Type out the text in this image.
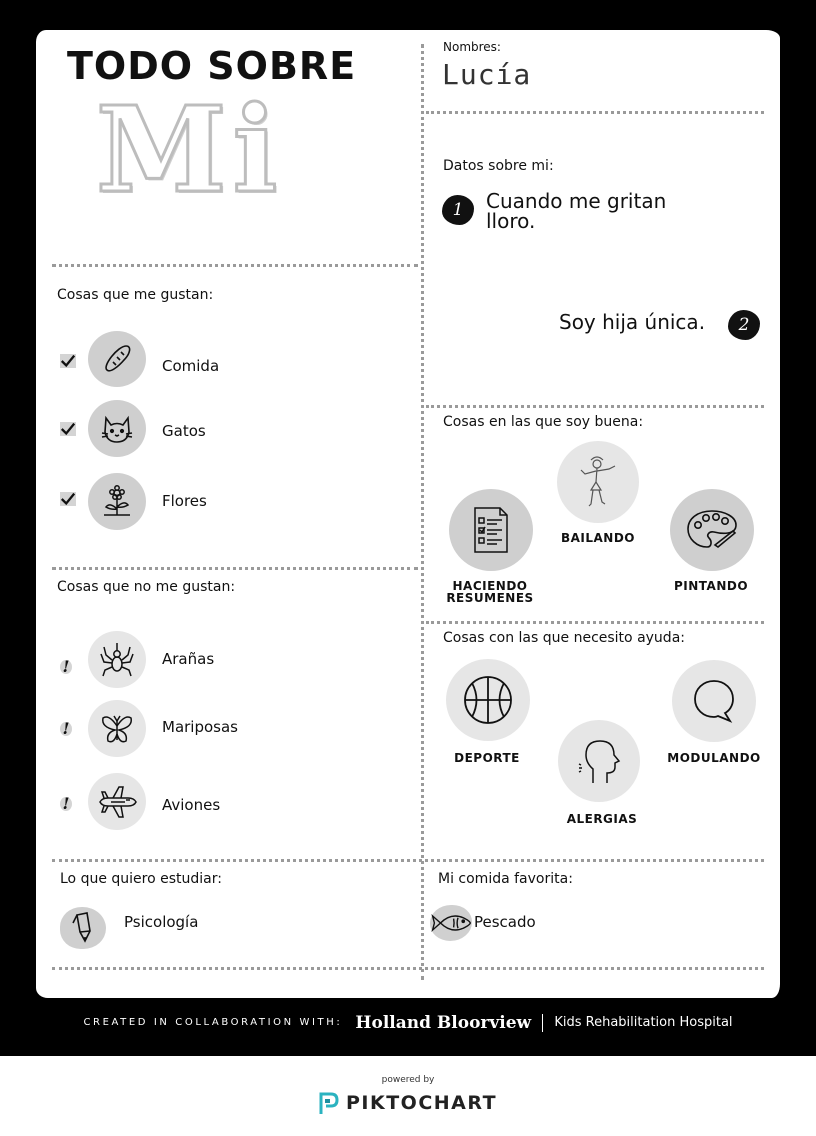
TODO SOBRE
Mi
Nombres:
Lucía
Datos sobre mi:
1	Cuando me gritan
lloro.
Soy hija única.	2
Cosas que me gustan:
Comida
Gatos
Flores
Cosas que no me gustan:
!	Arañas
!	Mariposas
!	Aviones
Cosas en las que soy buena:
BAILANDO
HACIENDO
RESUMENES
PINTANDO
Cosas con las que necesito ayuda:
DEPORTE
ALERGIAS
MODULANDO
Lo que quiero estudiar:
Psicología
Mi comida favorita:
Pescado
CREATED IN COLLABORATION WITH: Holland Bloorview Kids Rehabilitation Hospital
powered by
PIKTOCHART
